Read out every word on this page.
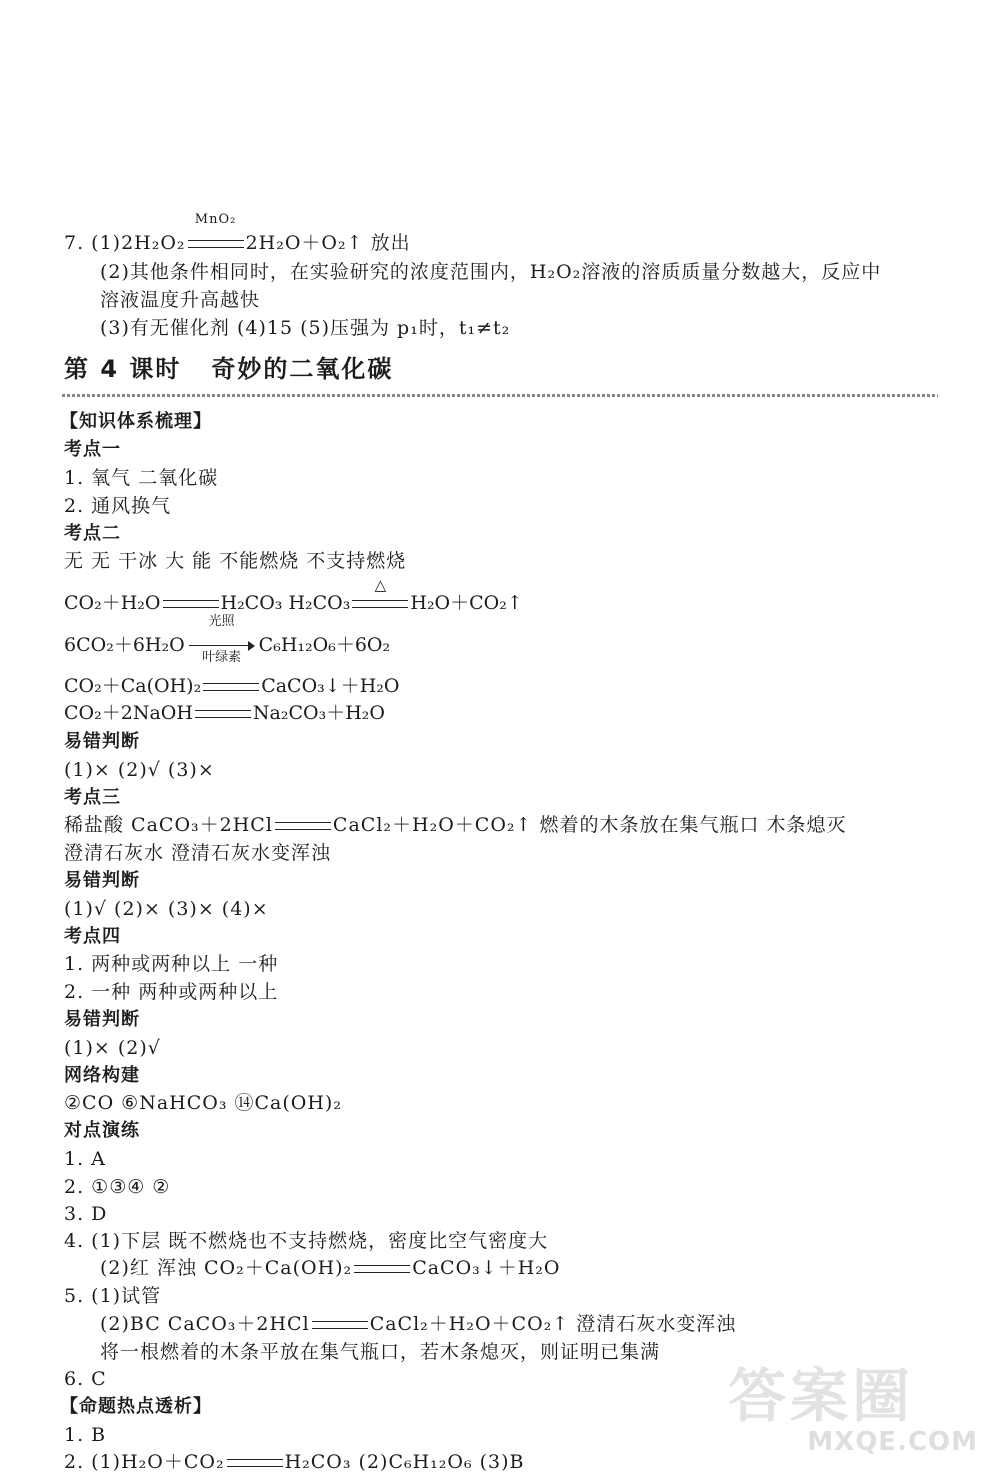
7. (1)2H₂O₂
MnO₂
2H₂O＋O₂↑ 放出
(2)其他条件相同时，在实验研究的浓度范围内，H₂O₂溶液的溶质质量分数越大，反应中
溶液温度升高越快
(3)有无催化剂 (4)15 (5)压强为 p₁时，t₁≠t₂
第 4 课时 奇妙的二氧化碳
【知识体系梳理】
考点一
1. 氧气 二氧化碳
2. 通风换气
考点二
无 无 干冰 大 能 不能燃烧 不支持燃烧
CO₂＋H₂O	H₂CO₃ H₂CO₃
△
H₂O＋CO₂↑
6CO₂＋6H₂O
光照
叶绿素
C₆H₁₂O₆＋6O₂
CO₂＋Ca(OH)₂	CaCO₃↓＋H₂O
CO₂＋2NaOH	Na₂CO₃＋H₂O
易错判断
(1)× (2)√ (3)×
考点三
稀盐酸 CaCO₃＋2HCl	CaCl₂＋H₂O＋CO₂↑ 燃着的木条放在集气瓶口 木条熄灭
澄清石灰水 澄清石灰水变浑浊
易错判断
(1)√ (2)× (3)× (4)×
考点四
1. 两种或两种以上 一种
2. 一种 两种或两种以上
易错判断
(1)× (2)√
网络构建
②CO ⑥NaHCO₃ ⑭Ca(OH)₂
对点演练
1. A
2. ①③④ ②
3. D
4. (1)下层 既不燃烧也不支持燃烧，密度比空气密度大
(2)红 浑浊 CO₂＋Ca(OH)₂	CaCO₃↓＋H₂O
5. (1)试管
(2)BC CaCO₃＋2HCl	CaCl₂＋H₂O＋CO₂↑ 澄清石灰水变浑浊
将一根燃着的木条平放在集气瓶口，若木条熄灭，则证明已集满
6. C
【命题热点透析】
1. B
2. (1)H₂O＋CO₂	H₂CO₃ (2)C₆H₁₂O₆ (3)B
答案圈
MXQE.COM
